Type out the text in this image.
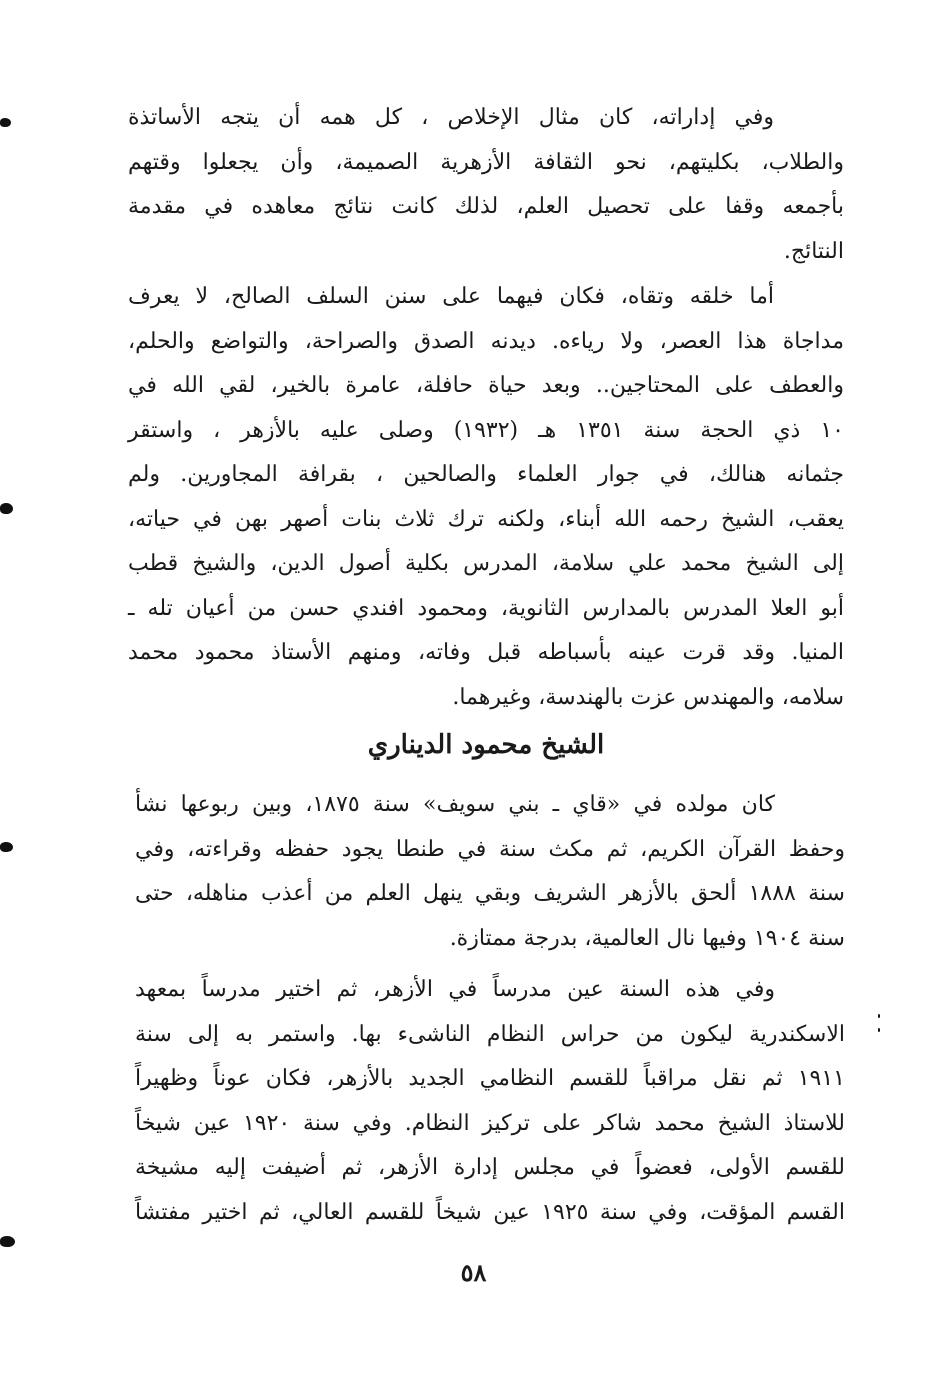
وفي إداراته، كان مثال الإخلاص ، كل همه أن يتجه الأساتذة
والطلاب، بكليتهم، نحو الثقافة الأزهرية الصميمة، وأن يجعلوا وقتهم
بأجمعه وقفا على تحصيل العلم، لذلك كانت نتائج معاهده في مقدمة
النتائج.

أما خلقه وتقاه، فكان فيهما على سنن السلف الصالح، لا يعرف
مداجاة هذا العصر، ولا رياءه. ديدنه الصدق والصراحة، والتواضع والحلم،
والعطف على المحتاجين.. وبعد حياة حافلة، عامرة بالخير، لقي الله في
١٠ ذي الحجة سنة ١٣٥١ هـ (١٩٣٢) وصلى عليه بالأزهر ، واستقر
جثمانه هنالك، في جوار العلماء والصالحين ، بقرافة المجاورين. ولم
يعقب، الشيخ رحمه الله أبناء، ولكنه ترك ثلاث بنات أصهر بهن في حياته،
إلى الشيخ محمد علي سلامة، المدرس بكلية أصول الدين، والشيخ قطب
أبو العلا المدرس بالمدارس الثانوية، ومحمود افندي حسن من أعيان تله ـ
المنيا. وقد قرت عينه بأسباطه قبل وفاته، ومنهم الأستاذ محمود محمد
سلامه، والمهندس عزت بالهندسة، وغيرهما.

الشيخ محمود الديناري

كان مولده في «قاي ـ بني سويف» سنة ١٨٧٥، وبين ربوعها نشأ
وحفظ القرآن الكريم، ثم مكث سنة في طنطا يجود حفظه وقراءته، وفي
سنة ١٨٨٨ ألحق بالأزهر الشريف وبقي ينهل العلم من أعذب مناهله، حتى
سنة ١٩٠٤ وفيها نال العالمية، بدرجة ممتازة.

وفي هذه السنة عين مدرساً في الأزهر، ثم اختير مدرساً بمعهد
الاسكندرية ليكون من حراس النظام الناشىء بها. واستمر به إلى سنة
١٩١١ ثم نقل مراقباً للقسم النظامي الجديد بالأزهر، فكان عوناً وظهيراً
للاستاذ الشيخ محمد شاكر على تركيز النظام. وفي سنة ١٩٢٠ عين شيخاً
للقسم الأولى، فعضواً في مجلس إدارة الأزهر، ثم أضيفت إليه مشيخة
القسم المؤقت، وفي سنة ١٩٢٥ عين شيخاً للقسم العالي، ثم اختير مفتشاً

٥٨
